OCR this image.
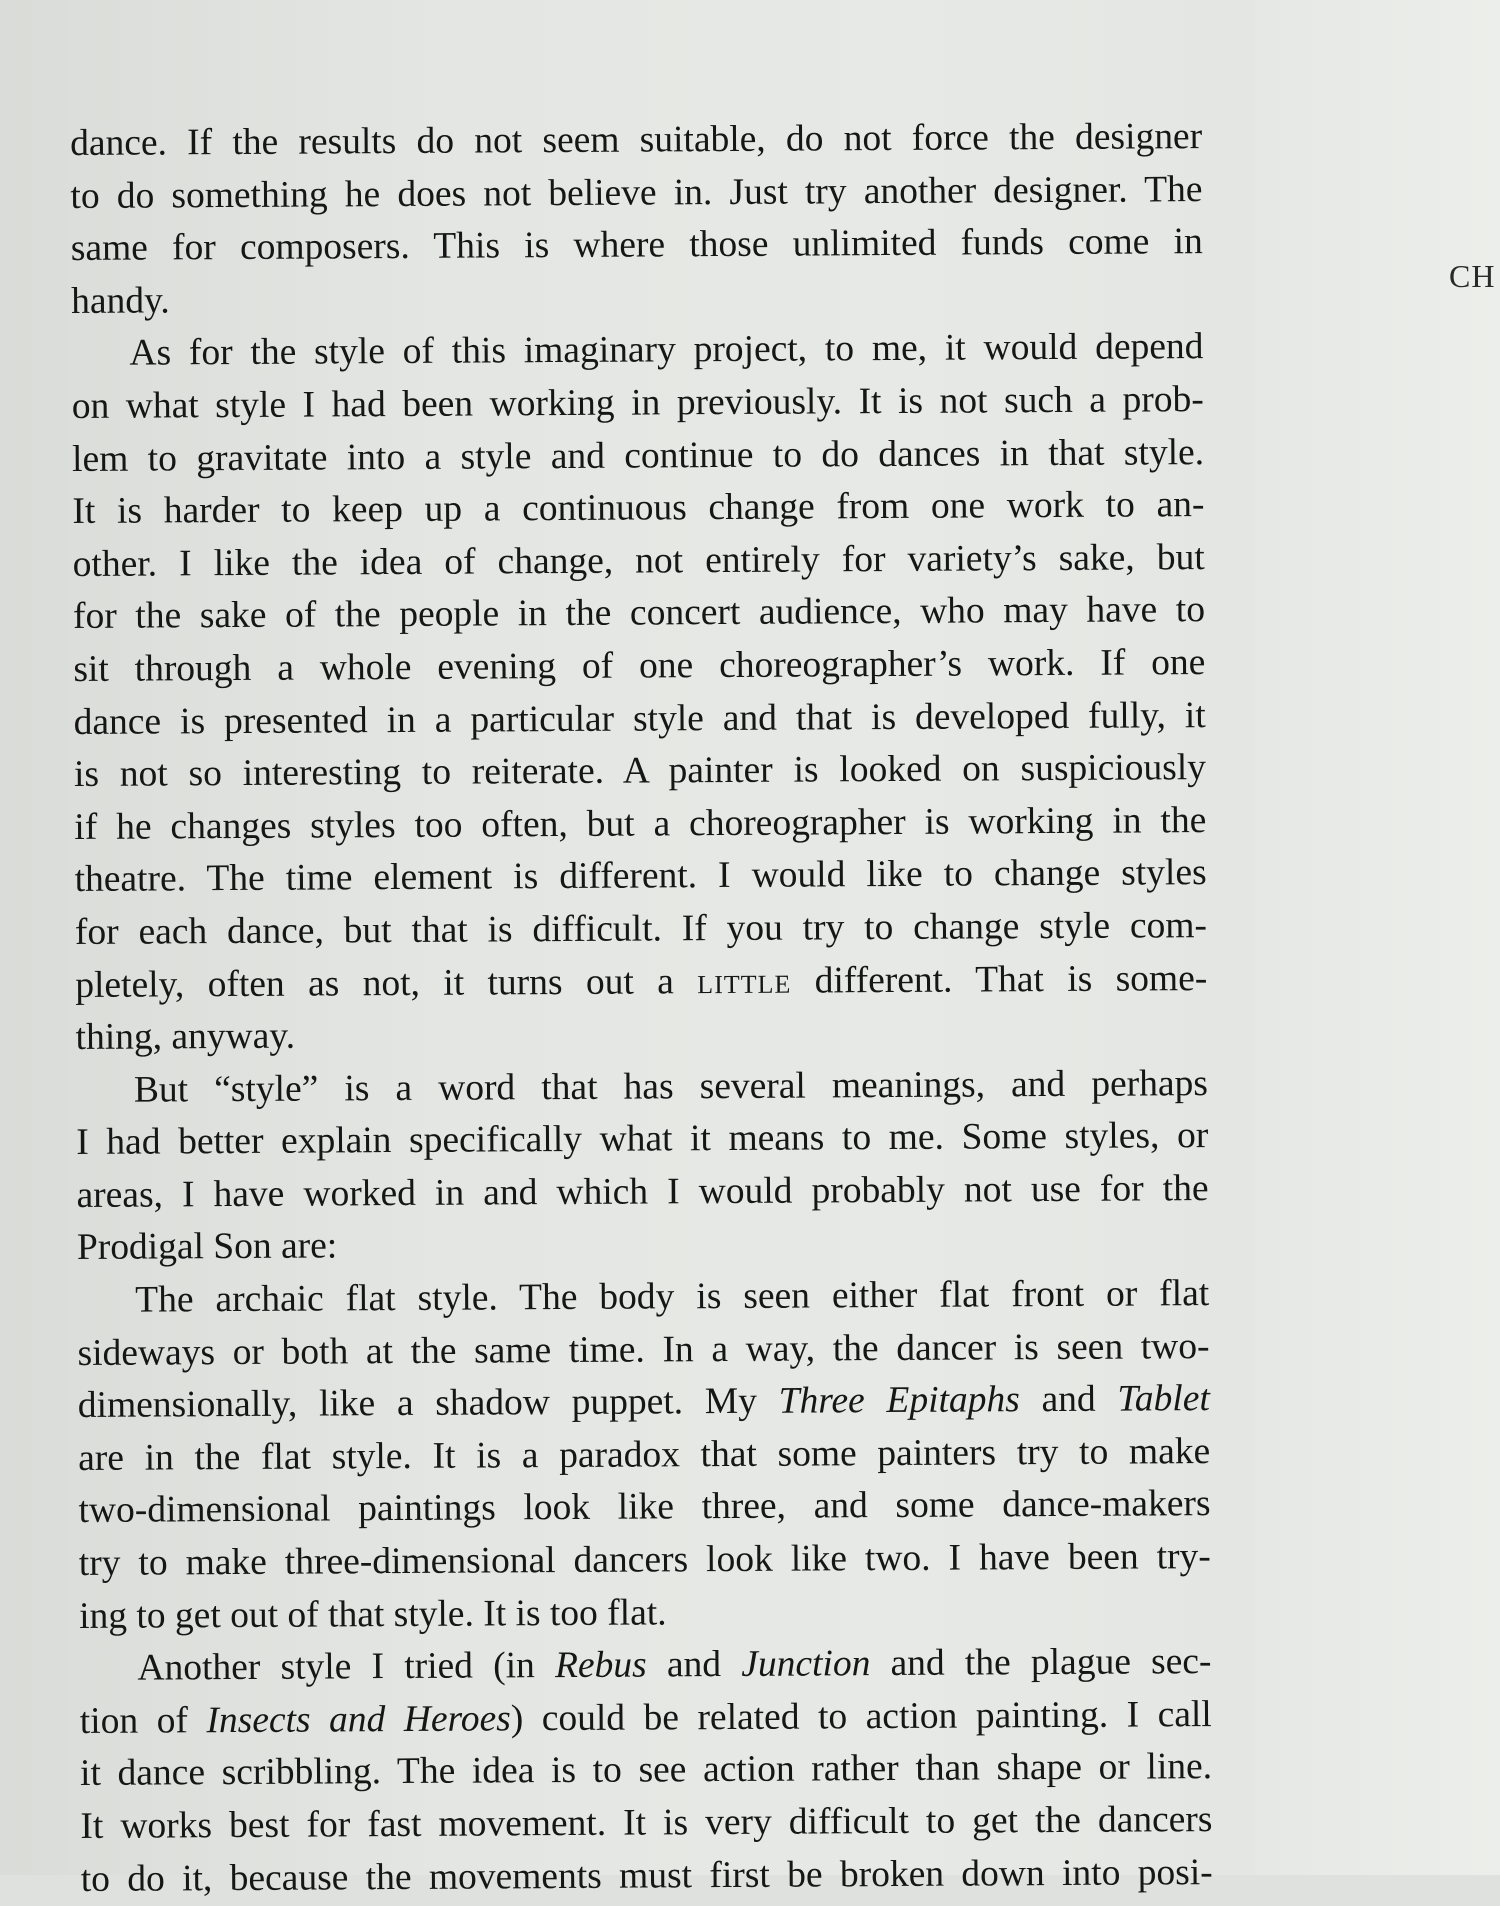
CH
dance. If the results do not seem suitable, do not force the designer
to do something he does not believe in. Just try another designer. The
same for composers. This is where those unlimited funds come in
handy.
As for the style of this imaginary project, to me, it would depend
on what style I had been working in previously. It is not such a prob-
lem to gravitate into a style and continue to do dances in that style.
It is harder to keep up a continuous change from one work to an-
other. I like the idea of change, not entirely for variety’s sake, but
for the sake of the people in the concert audience, who may have to
sit through a whole evening of one choreographer’s work. If one
dance is presented in a particular style and that is developed fully, it
is not so interesting to reiterate. A painter is looked on suspiciously
if he changes styles too often, but a choreographer is working in the
theatre. The time element is different. I would like to change styles
for each dance, but that is difficult. If you try to change style com-
pletely, often as not, it turns out a little different. That is some-
thing, anyway.
But “style” is a word that has several meanings, and perhaps
I had better explain specifically what it means to me. Some styles, or
areas, I have worked in and which I would probably not use for the
Prodigal Son are:
The archaic flat style. The body is seen either flat front or flat
sideways or both at the same time. In a way, the dancer is seen two-
dimensionally, like a shadow puppet. My Three Epitaphs and Tablet
are in the flat style. It is a paradox that some painters try to make
two-dimensional paintings look like three, and some dance-makers
try to make three-dimensional dancers look like two. I have been try-
ing to get out of that style. It is too flat.
Another style I tried (in Rebus and Junction and the plague sec-
tion of Insects and Heroes) could be related to action painting. I call
it dance scribbling. The idea is to see action rather than shape or line.
It works best for fast movement. It is very difficult to get the dancers
to do it, because the movements must first be broken down into posi-
